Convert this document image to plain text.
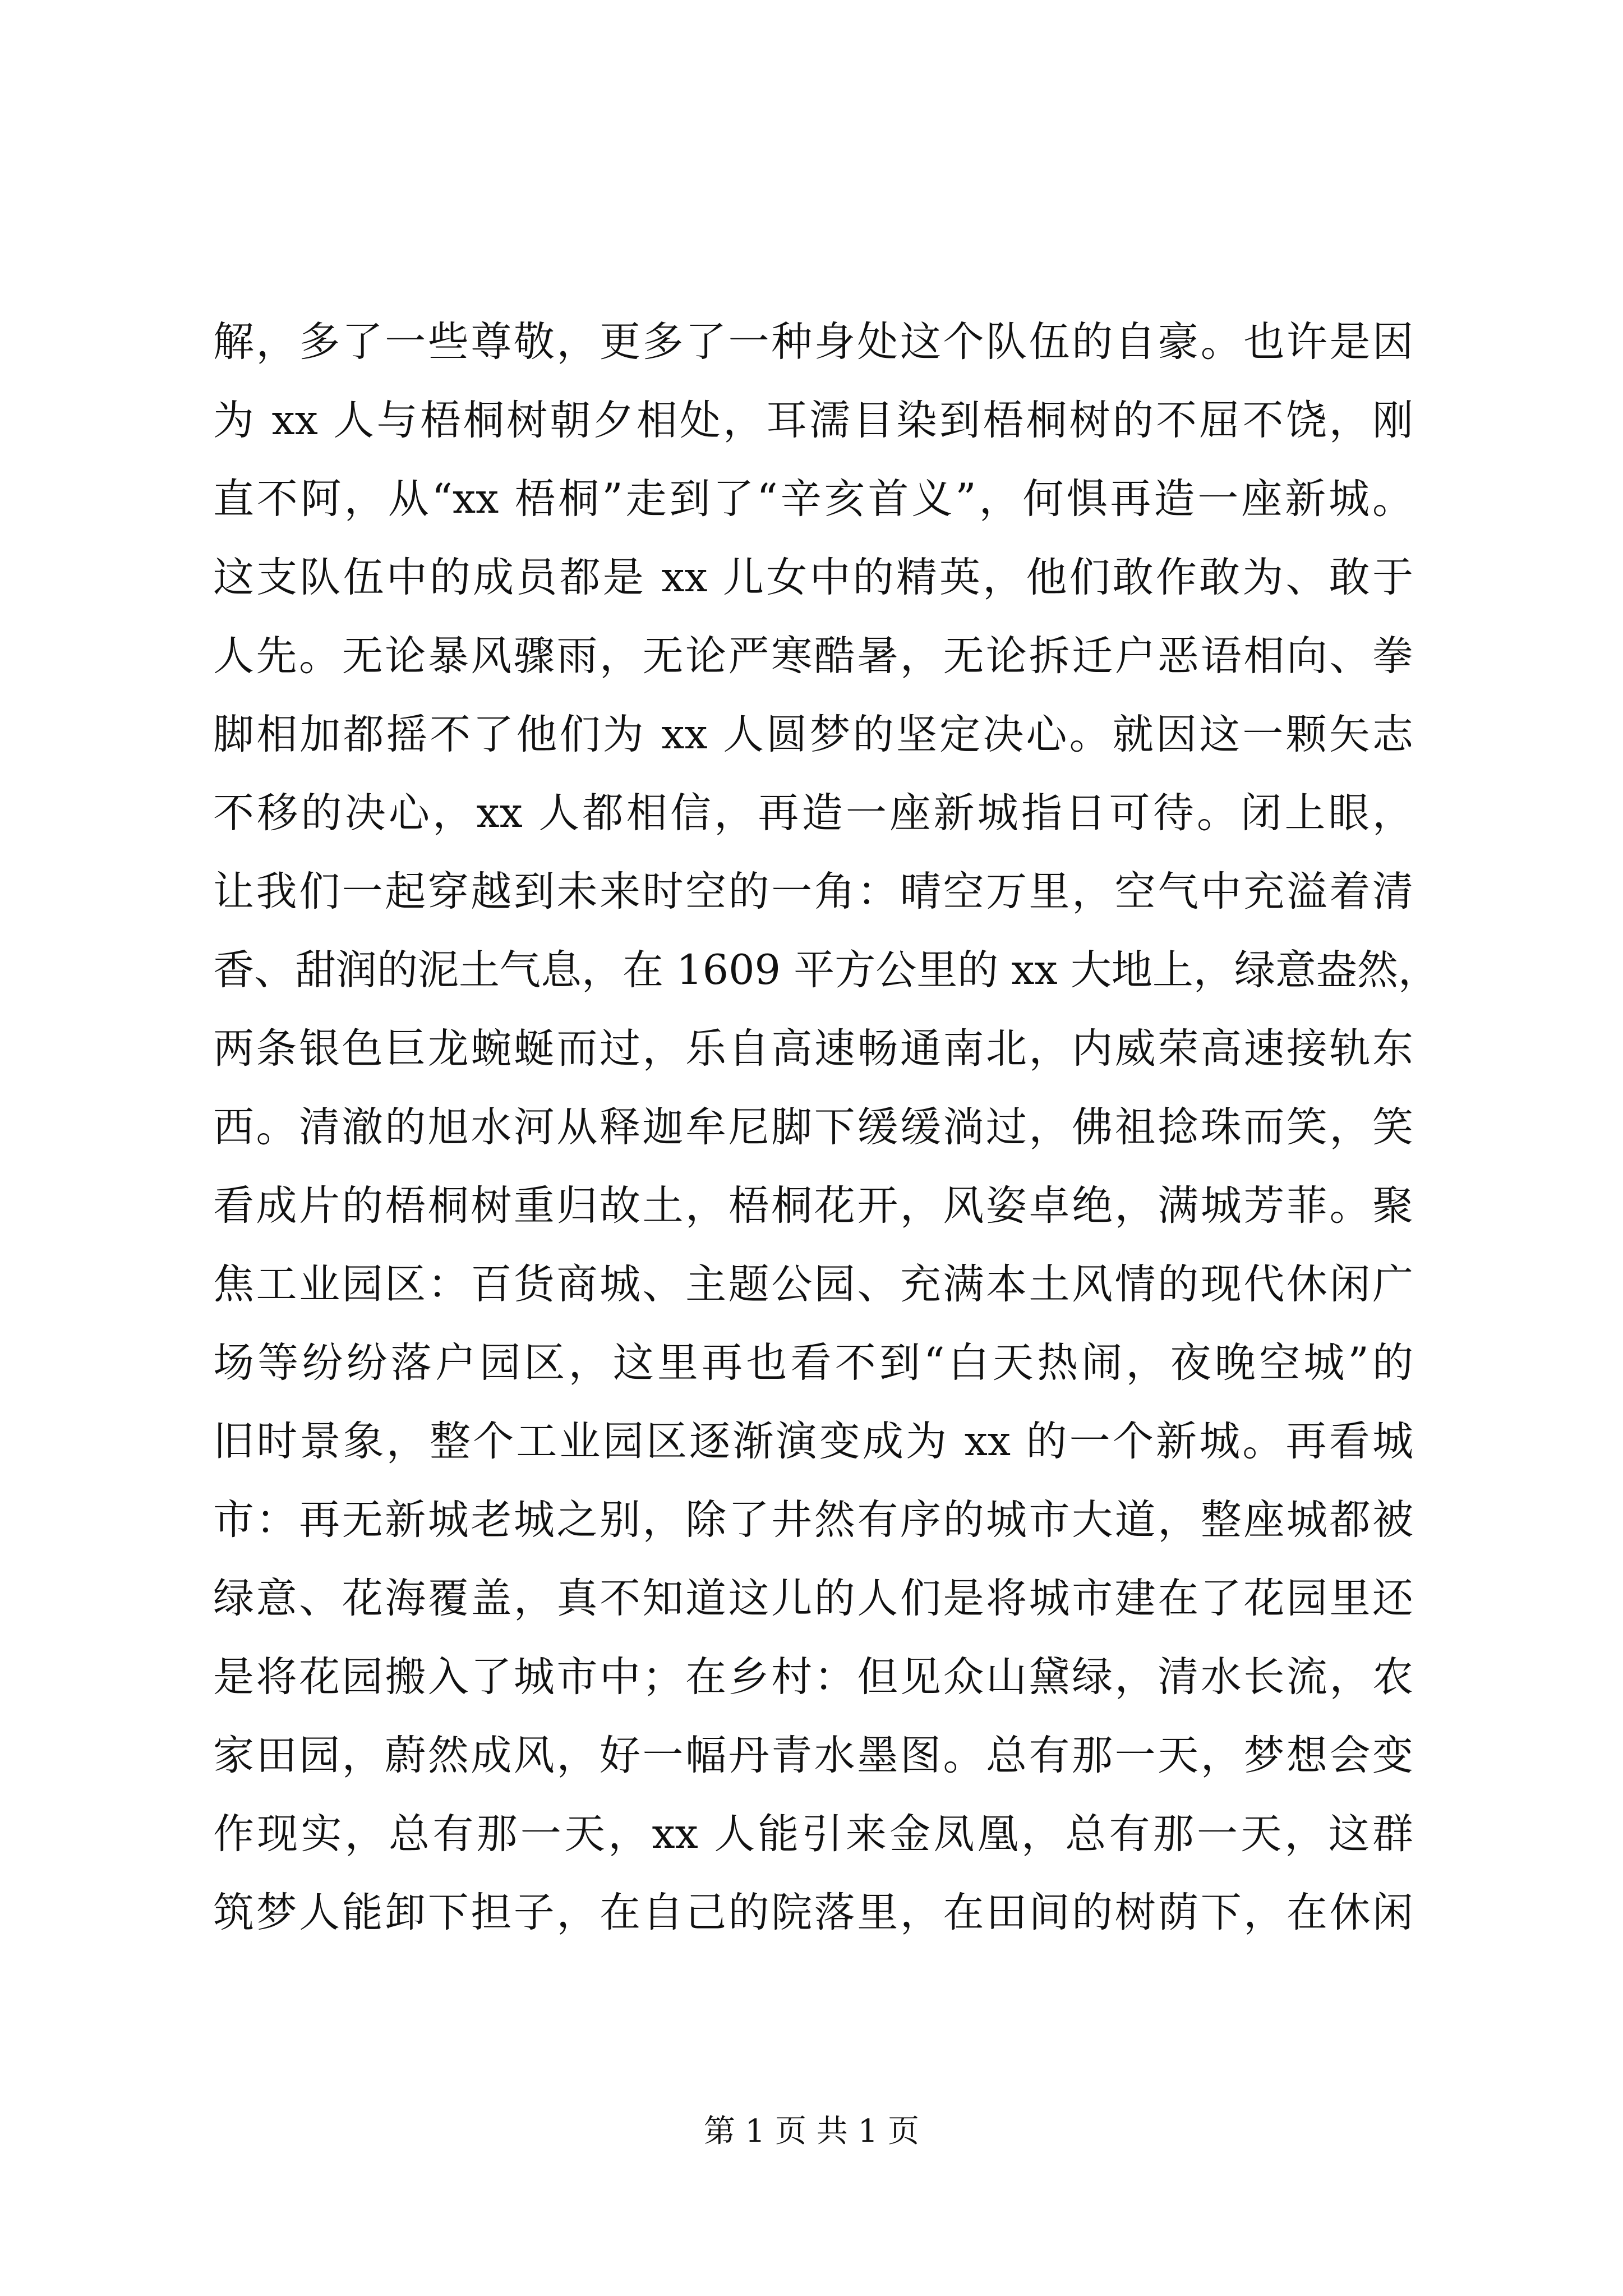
解，多了一些尊敬，更多了一种身处这个队伍的自豪。也许是因
为 xx 人与梧桐树朝夕相处，耳濡目染到梧桐树的不屈不饶，刚
直不阿，从“xx 梧桐”走到了“辛亥首义”，何惧再造一座新城。
这支队伍中的成员都是 xx 儿女中的精英，他们敢作敢为、敢于
人先。无论暴风骤雨，无论严寒酷暑，无论拆迁户恶语相向、拳
脚相加都摇不了他们为 xx 人圆梦的坚定决心。就因这一颗矢志
不移的决心，xx 人都相信，再造一座新城指日可待。闭上眼，
让我们一起穿越到未来时空的一角：晴空万里，空气中充溢着清
香、甜润的泥土气息，在 1609 平方公里的 xx 大地上，绿意盎然，
两条银色巨龙蜿蜒而过，乐自高速畅通南北，内威荣高速接轨东
西。清澈的旭水河从释迦牟尼脚下缓缓淌过，佛祖捻珠而笑，笑
看成片的梧桐树重归故土，梧桐花开，风姿卓绝，满城芳菲。聚
焦工业园区：百货商城、主题公园、充满本土风情的现代休闲广
场等纷纷落户园区，这里再也看不到“白天热闹，夜晚空城”的
旧时景象，整个工业园区逐渐演变成为 xx 的一个新城。再看城
市：再无新城老城之别，除了井然有序的城市大道，整座城都被
绿意、花海覆盖，真不知道这儿的人们是将城市建在了花园里还
是将花园搬入了城市中；在乡村：但见众山黛绿，清水长流，农
家田园，蔚然成风，好一幅丹青水墨图。总有那一天，梦想会变
作现实，总有那一天，xx 人能引来金凤凰，总有那一天，这群
筑梦人能卸下担子，在自己的院落里，在田间的树荫下，在休闲
第 1 页 共 1 页
